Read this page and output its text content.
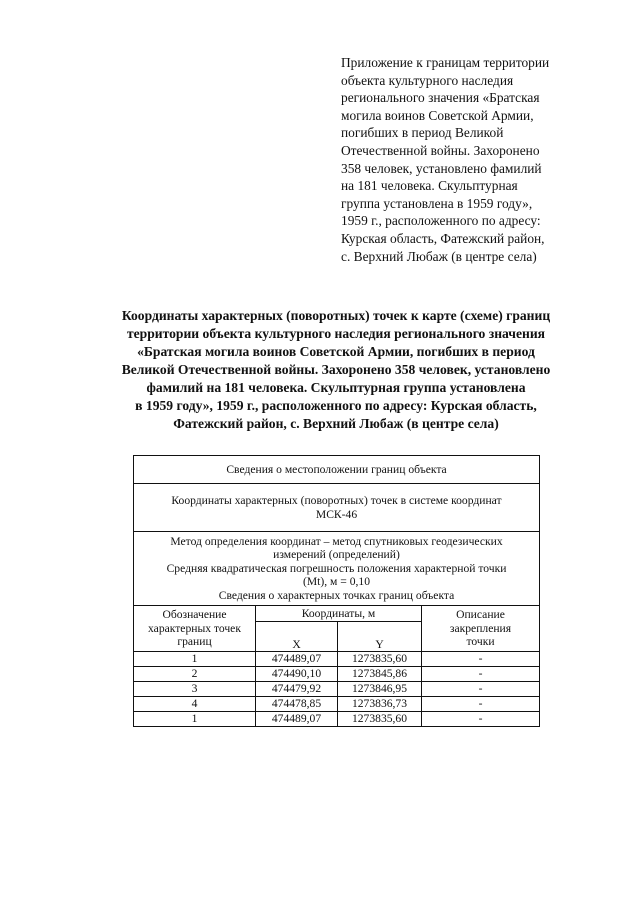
Приложение к границам территории
объекта культурного наследия
регионального значения «Братская
могила воинов Советской Армии,
погибших в период Великой
Отечественной войны. Захоронено
358 человек, установлено фамилий
на 181 человека. Скульптурная
группа установлена в 1959 году»,
1959 г., расположенного по адресу:
Курская область, Фатежский район,
с. Верхний Любаж (в центре села)
Координаты характерных (поворотных) точек к карте (схеме) границ
территории объекта культурного наследия регионального значения
«Братская могила воинов Советской Армии, погибших в период
Великой Отечественной войны. Захоронено 358 человек, установлено
фамилий на 181 человека. Скульптурная группа установлена
в 1959 году», 1959 г., расположенного по адресу: Курская область,
Фатежский район, с. Верхний Любаж (в центре села)
Сведения о местоположении границ объекта			

Координаты характерных (поворотных) точек в системе координат
МСК-46			

Метод определения координат – метод спутниковых геодезических
измерений (определений)
Средняя квадратическая погрешность положения характерной точки
(Mt), м = 0,10
Сведения о характерных точках границ объекта			

Обозначение
характерных точек
границ	Координаты, м		Описание
закрепления
точки

	X	Y	
1	474489,07	1273835,60	-
2	474490,10	1273845,86	-
3	474479,92	1273846,95	-
4	474478,85	1273836,73	-
1	474489,07	1273835,60	-
